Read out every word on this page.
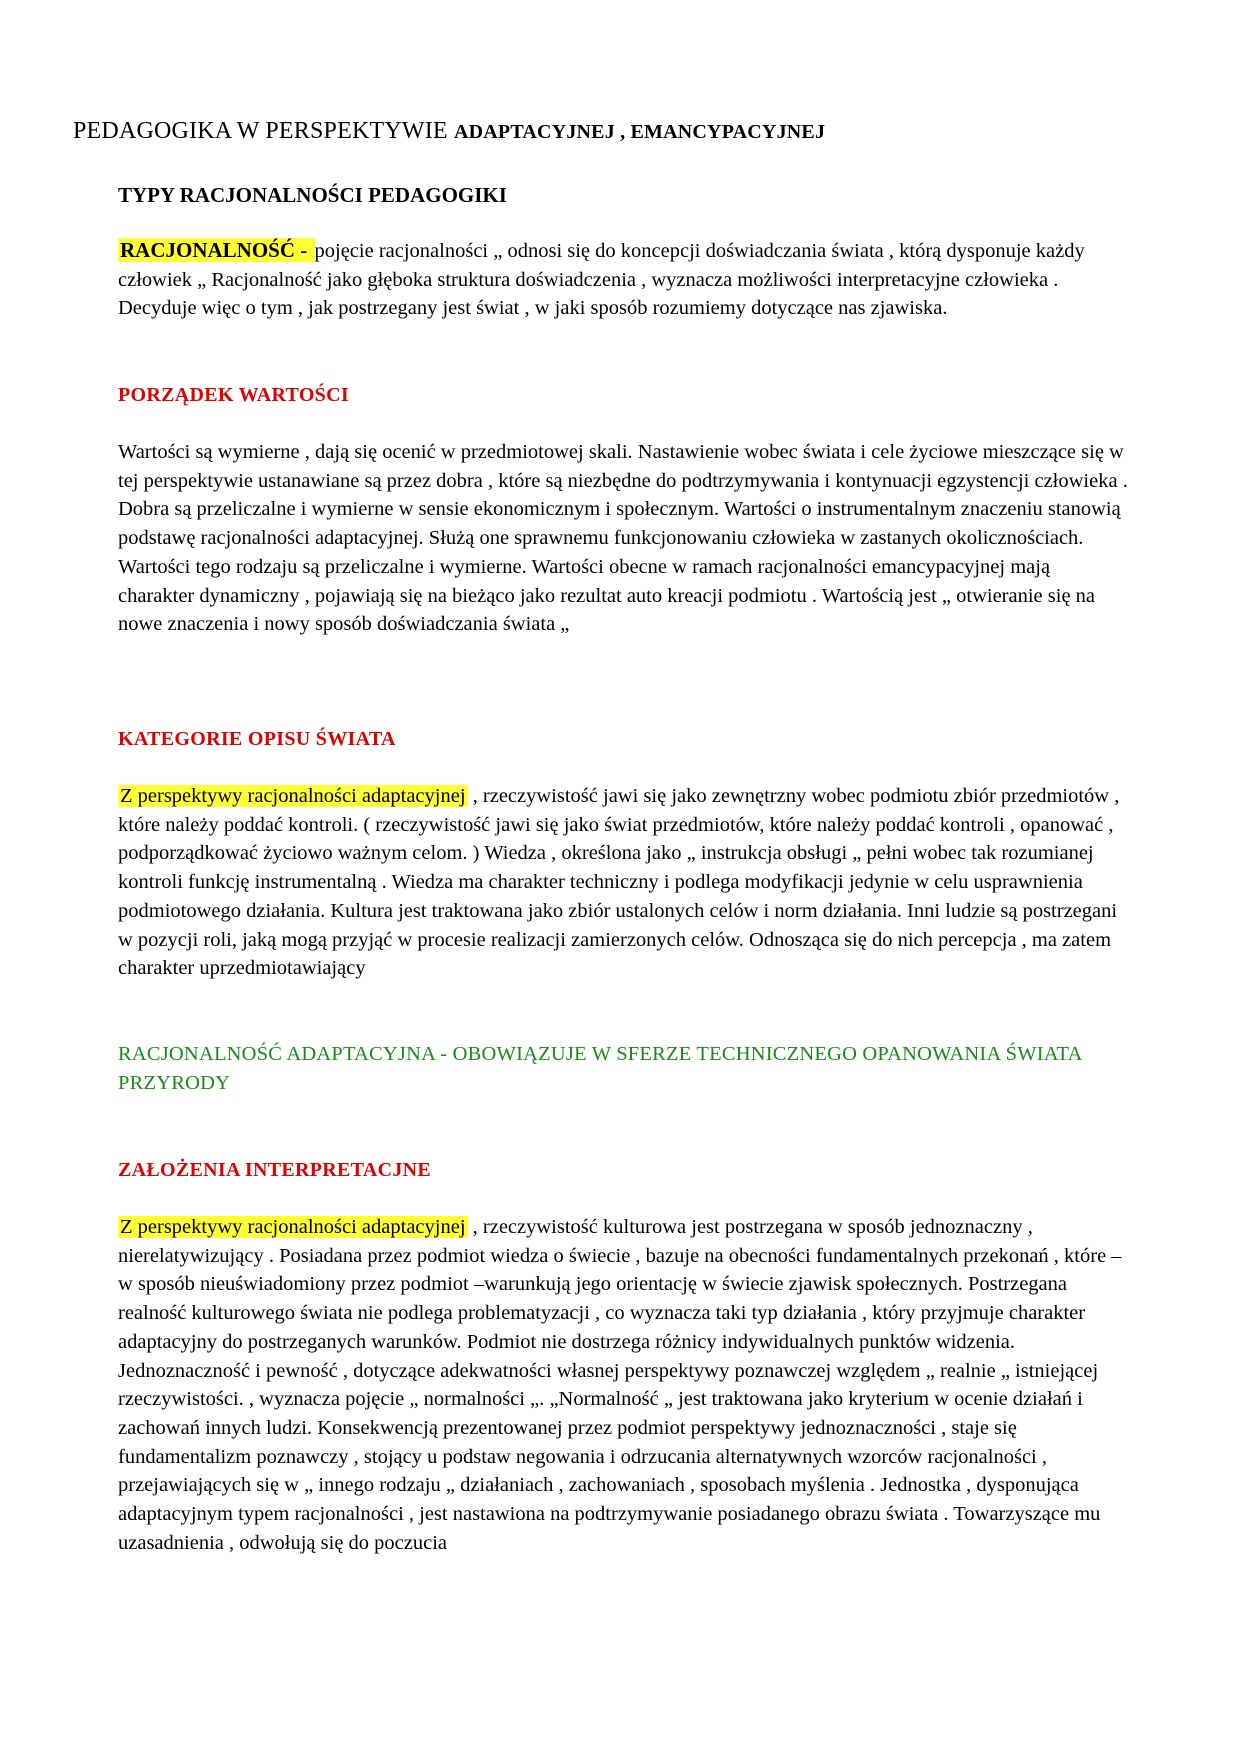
PEDAGOGIKA W PERSPEKTYWIE ADAPTACYJNEJ , EMANCYPACYJNEJ
TYPY RACJONALNOŚCI PEDAGOGIKI

RACJONALNOŚĆ - pojęcie racjonalności „ odnosi się do koncepcji doświadczania świata , którą dysponuje każdy człowiek „ Racjonalność jako głęboka struktura doświadczenia , wyznacza możliwości interpretacyjne człowieka . Decyduje więc o tym , jak postrzegany jest świat , w jaki sposób rozumiemy dotyczące nas zjawiska.

PORZĄDEK WARTOŚCI

Wartości są wymierne , dają się ocenić w przedmiotowej skali. Nastawienie wobec świata i cele życiowe mieszczące się w tej perspektywie ustanawiane są przez dobra , które są niezbędne do podtrzymywania i kontynuacji egzystencji człowieka . Dobra są przeliczalne i wymierne w sensie ekonomicznym i społecznym. Wartości o instrumentalnym znaczeniu stanowią podstawę racjonalności adaptacyjnej. Służą one sprawnemu funkcjonowaniu człowieka w zastanych okolicznościach. Wartości tego rodzaju są przeliczalne i wymierne. Wartości obecne w ramach racjonalności emancypacyjnej mają charakter dynamiczny , pojawiają się na bieżąco jako rezultat auto kreacji podmiotu . Wartością jest „ otwieranie się na nowe znaczenia i nowy sposób doświadczania świata „

KATEGORIE OPISU ŚWIATA

Z perspektywy racjonalności adaptacyjnej , rzeczywistość jawi się jako zewnętrzny wobec podmiotu zbiór przedmiotów , które należy poddać kontroli. ( rzeczywistość jawi się jako świat przedmiotów, które należy poddać kontroli , opanować , podporządkować życiowo ważnym celom. ) Wiedza , określona jako „ instrukcja obsługi „ pełni wobec tak rozumianej kontroli funkcję instrumentalną . Wiedza ma charakter techniczny i podlega modyfikacji jedynie w celu usprawnienia podmiotowego działania. Kultura jest traktowana jako zbiór ustalonych celów i norm działania. Inni ludzie są postrzegani w pozycji roli, jaką mogą przyjąć w procesie realizacji zamierzonych celów. Odnosząca się do nich percepcja , ma zatem charakter uprzedmiotawiający

RACJONALNOŚĆ ADAPTACYJNA - OBOWIĄZUJE W SFERZE TECHNICZNEGO OPANOWANIA ŚWIATA PRZYRODY

ZAŁOŻENIA INTERPRETACJNE

Z perspektywy racjonalności adaptacyjnej , rzeczywistość kulturowa jest postrzegana w sposób jednoznaczny , nierelatywizujący . Posiadana przez podmiot wiedza o świecie , bazuje na obecności fundamentalnych przekonań , które – w sposób nieuświadomiony przez podmiot –warunkują jego orientację w świecie zjawisk społecznych. Postrzegana realność kulturowego świata nie podlega problematyzacji , co wyznacza taki typ działania , który przyjmuje charakter adaptacyjny do postrzeganych warunków. Podmiot nie dostrzega różnicy indywidualnych punktów widzenia. Jednoznaczność i pewność , dotyczące adekwatności własnej perspektywy poznawczej względem „ realnie „ istniejącej rzeczywistości. , wyznacza pojęcie „ normalności „. „Normalność „ jest traktowana jako kryterium w ocenie działań i zachowań innych ludzi. Konsekwencją prezentowanej przez podmiot perspektywy jednoznaczności , staje się fundamentalizm poznawczy , stojący u podstaw negowania i odrzucania alternatywnych wzorców racjonalności , przejawiających się w „ innego rodzaju „ działaniach , zachowaniach , sposobach myślenia . Jednostka , dysponująca adaptacyjnym typem racjonalności , jest nastawiona na podtrzymywanie posiadanego obrazu świata . Towarzyszące mu uzasadnienia , odwołują się do poczucia
